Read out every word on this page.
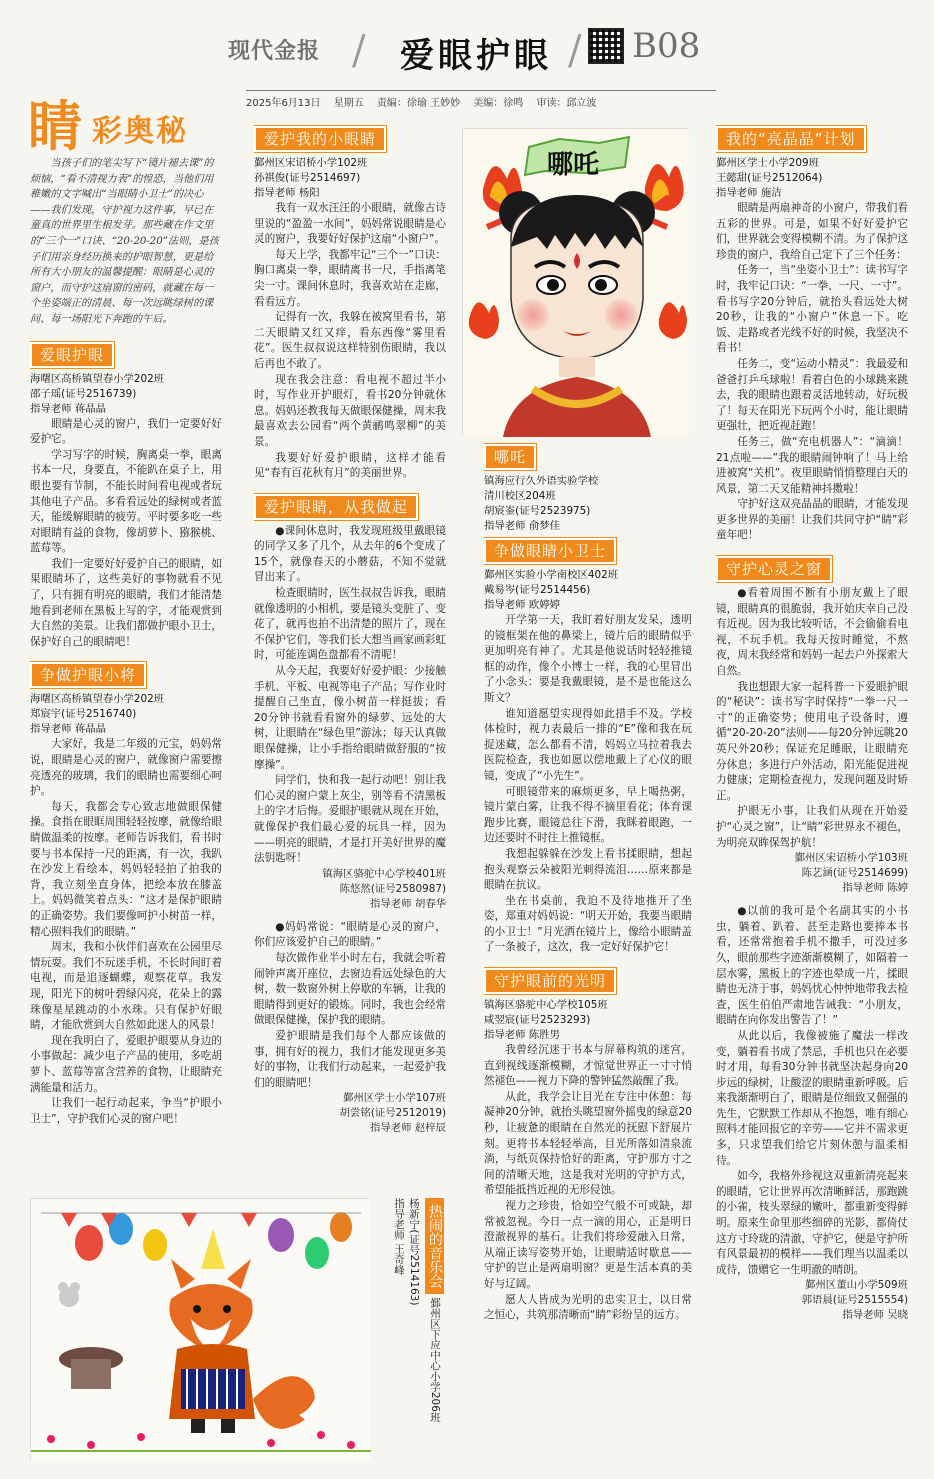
现代金报 / 爱眼护眼 / B08
2025年6月13日 星期五 责编：徐瑜 王妙妙 美编：徐鸣 审读：邱立波
睛 彩奥秘
当孩子们的笔尖写下“镜片褪去课”的烦恼，“看不清视力表”的惶恐，当他们用稚嫩的文字喊出“当眼睛小卫士”的决心——我们发现，守护视力这件事，早已在童真的世界里生根发芽。那些藏在作文里的“三个一”口诀、“20-20-20”法则，是孩子们用亲身经历换来的护眼智慧，更是给所有大小朋友的温馨提醒：眼睛是心灵的窗户，而守护这扇窗的密码，就藏在每一个坐姿端正的清晨、每一次远眺绿树的课间、每一场阳光下奔跑的午后。
爱眼护眼
海曙区高桥镇望春小学202班
邵子瑶(证号2516739)
指导老师 蒋晶晶

眼睛是心灵的窗户，我们一定要好好爱护它。

学习写字的时候，胸离桌一拳，眼离书本一尺，身要直，不能趴在桌子上，用眼也要有节制，不能长时间看电视或者玩其他电子产品。多看看远处的绿树或者蓝天，能缓解眼睛的疲劳。平时要多吃一些对眼睛有益的食物，像胡萝卜、猕猴桃、蓝莓等。

我们一定要好好爱护自己的眼睛，如果眼睛坏了，这些美好的事物就看不见了，只有拥有明亮的眼睛，我们才能清楚地看到老师在黑板上写的字，才能观赏到大自然的美景。让我们都做护眼小卫士，保护好自己的眼睛吧！

争做护眼小将
海曙区高桥镇望春小学202班
郑宸宇(证号2516740)
指导老师 蒋晶晶

大家好，我是二年级的元宝，妈妈常说，眼睛是心灵的窗户，就像窗户需要擦亮透亮的玻璃，我们的眼睛也需要细心呵护。

每天，我都会专心致志地做眼保健操。食指在眼眶周围轻轻按摩，就像给眼睛做温柔的按摩。老师告诉我们，看书时要与书本保持一尺的距离，有一次，我趴在沙发上看绘本，妈妈轻轻拍了拍我的背，我立刻坐直身体，把绘本放在膝盖上。妈妈微笑着点头：“这才是保护眼睛的正确姿势。我们要像呵护小树苗一样，精心照料我们的眼睛。”

周末，我和小伙伴们喜欢在公园里尽情玩耍。我们不玩迷手机，不长时间盯着电视，而是追逐蝴蝶，观察花草。我发现，阳光下的树叶碧绿闪亮，花朵上的露珠像星星跳动的小水珠。只有保护好眼睛，才能欣赏到大自然如此迷人的风景！

现在我明白了，爱眼护眼要从身边的小事做起：减少电子产品的使用，多吃胡萝卜、蓝莓等富含营养的食物，让眼睛充满能量和活力。

让我们一起行动起来，争当“护眼小卫士”，守护我们心灵的窗户吧！

爱护我的小眼睛
鄞州区宋诏桥小学102班
孙祺俊(证号2514697)
指导老师 杨阳

我有一双水汪汪的小眼睛，就像古诗里说的“盈盈一水间”，妈妈常说眼睛是心灵的窗户，我要好好保护这扇“小窗户”。

每天上学，我都牢记“三个一”口诀：胸口离桌一拳，眼睛离书一尺，手指离笔尖一寸。课间休息时，我喜欢站在走廊，看看远方。

记得有一次，我躲在被窝里看书，第二天眼睛又红又痒，看东西像“雾里看花”。医生叔叔说这样特别伤眼睛，我以后再也不敢了。

现在我会注意：看电视不超过半小时，写作业开护眼灯，看书20分钟就休息。妈妈还教我每天做眼保健操，周末我最喜欢去公园看“两个黄鹂鸣翠柳”的美景。

我要好好爱护眼睛，这样才能看见“春有百花秋有月”的美丽世界。

爱护眼睛，从我做起

●课间休息时，我发现班级里戴眼镜的同学又多了几个，从去年的6个变成了15个，就像春天的小蘑菇，不知不觉就冒出来了。

检查眼睛时，医生叔叔告诉我，眼睛就像透明的小相机，要是镜头变脏了、变花了，就再也拍不出清楚的照片了，现在不保护它们，等我们长大想当画家画彩虹时，可能连调色盘都看不清呢！

从今天起，我要好好爱护眼：少接触手机、平板、电视等电子产品；写作业时提醒自己坐直，像小树苗一样挺拔；看20分钟书就看看窗外的绿萝、远处的大树，让眼睛在“绿色里”游泳；每天认真做眼保健操，让小手指给眼睛做舒服的“按摩操”。

同学们，快和我一起行动吧！别让我们心灵的窗户蒙上灰尘，别等看不清黑板上的字才后悔。爱眼护眼就从现在开始，就像保护我们最心爱的玩具一样，因为——明亮的眼睛，才是打开美好世界的魔法钥匙呀！

镇海区骆驼中心学校401班
陈悠然(证号2580987)
指导老师 胡春华

●妈妈常说：“眼睛是心灵的窗户，你们应该爱护自己的眼睛。”

每次做作业半小时左右，我就会听着闹钟声离开座位，去窗边看远处绿色的大树，数一数窗外树上停歇的车辆，让我的眼睛得到更好的锻炼。同时，我也会经常做眼保健操，保护我的眼睛。

爱护眼睛是我们每个人都应该做的事，拥有好的视力，我们才能发现更多美好的事物，让我们行动起来，一起爱护我们的眼睛吧！

鄞州区学士小学107班
胡尝铭(证号2512019)
指导老师 赵梓辰
哪吒
哪吒
镇海应行久外语实验学校
清川校区204班
胡宸崟(证号2523975)
指导老师 俞梦佳
争做眼睛小卫士
鄞州区实验小学南校区402班
戴易岑(证号2514456)
指导老师 欧婷婷

开学第一天，我盯着好朋友发呆，透明的镜框架在他的鼻梁上，镜片后的眼睛似乎更加明亮有神了。尤其是他说话时轻轻推镜框的动作，像个小博士一样，我的心里冒出了小念头：要是我戴眼镜，是不是也能这么斯文？

谁知道愿望实现得如此措手不及。学校体检时，视力表最后一排的“E”像和我在玩捉迷藏，怎么都看不清，妈妈立马拉着我去医院检查，我也如愿以偿地戴上了心仪的眼镜，变成了“小先生”。

可眼镜带来的麻烦更多，早上喝热粥，镜片蒙白雾，让我不得不摘里看花；体育课跑步比赛，眼镜总往下滑，我眯着眼跑，一边还要时不时往上推镜框。

我想起躲躲在沙发上看书揉眼睛，想起抱头观察云朵被阳光刺得流泪……原来都是眼睛在抗议。

坐在书桌前，我迫不及待地推开了坐姿，郑重对妈妈说：“明天开始，我要当眼睛的小卫士！”月光洒在镜片上，像给小眼睛盖了一条被子，这次，我一定好好保护它！

守护眼前的光明
镇海区骆驼中心学校105班
咸翌宸(证号2523293)
指导老师 陈胜男

我曾经沉迷于书本与屏幕构筑的迷宫，直到视线逐渐模糊，才惊觉世界正一寸寸悄然褪色——视力下降的警钟猛然敲醒了我。

从此，我学会让目光在专注中休憩：每凝神20分钟，就抬头眺望窗外摇曳的绿意20秒，让疲惫的眼睛在自然光的抚慰下舒展片刻。更将书本轻轻举高，目光所落如清泉流淌，与纸页保持恰好的距离，守护那方寸之间的清晰天地，这是我对光明的守护方式，希望能抵挡近视的无形侵蚀。

视力之珍贵，恰如空气般不可或缺，却常被忽视。今日一点一滴的用心，正是明日澄澈视界的基石。让我们将珍爱融入日常，从端正读写姿势开始，让眼睛适时歇息——守护的岂止是两扇明窗？更是生活本真的美好与辽阔。

愿人人皆成为光明的忠实卫士，以日常之恒心，共筑那清晰而“睛”彩纷呈的远方。

我的“亮晶晶”计划
鄞州区学士小学209班
王懿甜(证号2512064)
指导老师 施洁

眼睛是两扇神奇的小窗户，带我们看五彩的世界。可是，如果不好好爱护它们，世界就会变得模糊不清。为了保护这珍贵的窗户，我给自己定下了三个任务：

任务一，当“坐姿小卫士”：读书写字时，我牢记口诀：“一拳、一尺、一寸”。看书写字20分钟后，就抬头看远处大树20秒，让我的“小窗户”休息一下。吃饭、走路或者光线不好的时候，我坚决不看书！

任务二，变“运动小精灵”：我最爱和爸爸打乒乓球啦！看着白色的小球跳来跳去，我的眼睛也跟着灵活地转动，好玩极了！每天在阳光下玩两个小时，能让眼睛更强壮，把近视赶跑！

任务三，做“充电机器人”：“滴滴！21点啦——”我的眼睛闹钟响了！马上给进被窝“关机”。夜里眼睛悄悄整理白天的风景，第二天又能精神抖擞啦！

守护好这双亮晶晶的眼睛，才能发现更多世界的美丽！让我们共同守护“睛”彩童年吧！

守护心灵之窗

●看着周围不断有小朋友戴上了眼镜，眼睛真的很脆弱，我开始庆幸自己没有近视。因为我比较听话，不会偷偷看电视，不玩手机。我每天按时睡觉，不熬夜，周末我经常和妈妈一起去户外探索大自然。

我也想跟大家一起科普一下爱眼护眼的“秘诀”：读书写字时保持“一拳一尺一寸”的正确姿势；使用电子设备时，遵循“20-20-20”法则——每20分钟远眺20英尺外20秒；保证充足睡眠，让眼睛充分休息；多进行户外活动，阳光能促进视力健康；定期检查视力，发现问题及时矫正。

护眼无小事，让我们从现在开始爱护“心灵之窗”，让“睛”彩世界永不褪色，为明亮双眸保驾护航！

鄞州区宋诏桥小学103班
陈艺涵(证号2514699)
指导老师 陈婷

●以前的我可是个名副其实的小书虫，躺着、趴着、甚至走路也要捧本书看，还常常抱着手机不撒手，可没过多久，眼前那些字迹渐渐模糊了，如隔着一层水雾，黑板上的字迹也晕成一片，揉眼睛也无济于事，妈妈忧心忡忡地带我去检查，医生伯伯严肃地告诫我：“小朋友，眼睛在向你发出警告了！”

从此以后，我像被施了魔法一样改变，躺着看书成了禁忌，手机也只在必要时才用，每看30分钟书就坚决起身向20步远的绿树，让酸涩的眼睛重新呼吸。后来我渐渐明白了，眼睛是位细致又倔强的先生，它默默工作却从不抱怨，唯有细心照料才能回报它的辛劳——它并不需求更多，只求望我们给它片刻休憩与温柔相待。

如今，我格外珍视这双重新清亮起来的眼睛，它让世界再次清晰鲜活，那跑跳的小雀，枝头翠绿的嫩叶，都重新变得鲜明。原来生命里那些细碎的光影，都倚仗这方寸玲珑的清澈，守护它，便是守护所有风景最初的模样——我们理当以温柔以成待，馈赠它一生明澈的晴朗。

鄞州区董山小学509班
郭语晨(证号2515554)
指导老师 吴晓
热闹的音乐会 鄞州区下应中心小学206班
杨新宁(证号2514163)
指导老师 王奇峰
